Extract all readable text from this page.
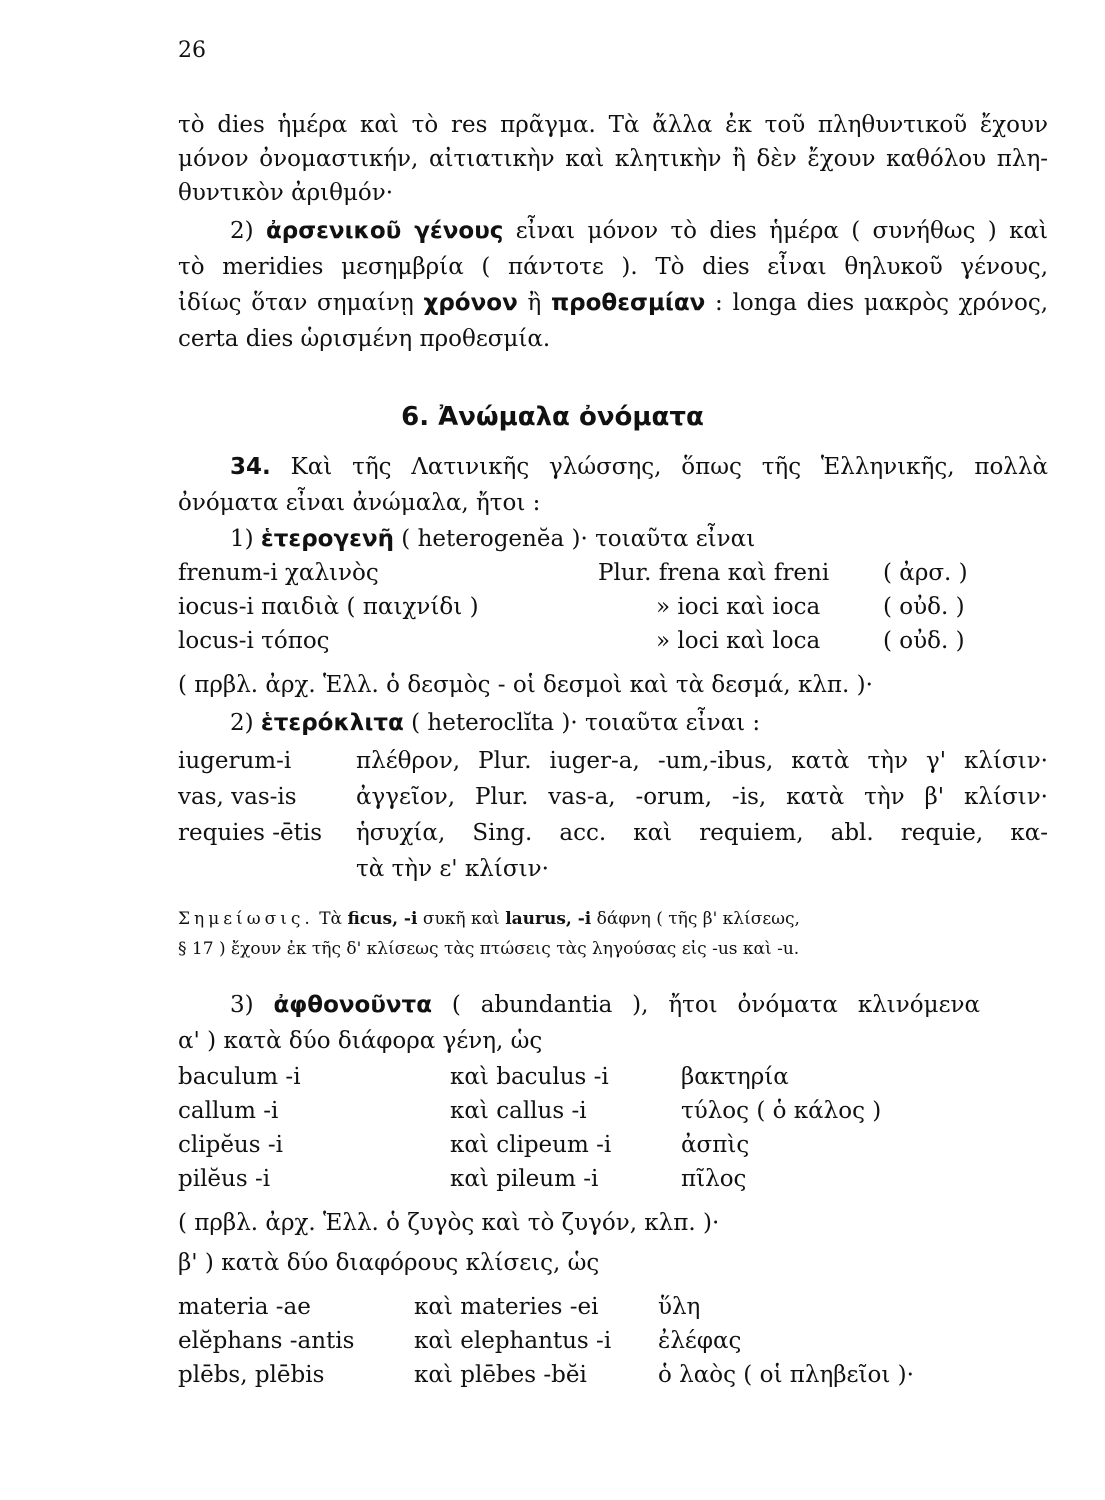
26
τὸ dies ἡμέρα καὶ τὸ res πρᾶγμα. Τὰ ἄλλα ἐκ τοῦ πληθυντικοῦ ἔχουν
μόνον ὀνομαστικήν, αἰτιατικὴν καὶ κλητικὴν ἢ δὲν ἔχουν καθόλου πλη-
θυντικὸν ἀριθμόν·
2) ἀρσενικοῦ γένους εἶναι μόνον τὸ dies ἡμέρα ( συνήθως ) καὶ
τὸ meridies μεσημβρία ( πάντοτε ). Τὸ dies εἶναι θηλυκοῦ γένους,
ἰδίως ὅταν σημαίνῃ χρόνον ἢ προθεσμίαν : longa dies μακρὸς χρόνος,
certa dies ὡρισμένη προθεσμία.
6. Ἀνώμαλα ὀνόματα
34. Καὶ τῆς Λατινικῆς γλώσσης, ὅπως τῆς Ἑλληνικῆς, πολλὰ
ὀνόματα εἶναι ἀνώμαλα, ἤτοι :
1) ἑτερογενῆ ( heterogenĕa )· τοιαῦτα εἶναι
frenum-i χαλινὸς	Plur. frena καὶ freni ( ἀρσ. )
iocus-i παιδιὰ ( παιχνίδι )	» ioci καὶ ioca	( οὐδ. )
locus-i τόπος	» loci καὶ loca	( οὐδ. )
( πρβλ. ἀρχ. Ἑλλ. ὁ δεσμὸς - οἱ δεσμοὶ καὶ τὰ δεσμά, κλπ. )·
2) ἑτερόκλιτα ( heteroclĭta )· τοιαῦτα εἶναι :
iugerum-i	πλέθρον, Plur. iuger-a, -um,-ibus, κατὰ τὴν γ' κλίσιν·
vas, vas-is	ἀγγεῖον, Plur. vas-a, -orum, -is, κατὰ τὴν β' κλίσιν·
requies -ētis ἡσυχία, Sing. acc. καὶ requiem, abl. requie, κα-
τὰ τὴν ε' κλίσιν·
Σημείωσις. Τὰ ficus, -i συκῆ καὶ laurus, -i δάφνη ( τῆς β' κλίσεως,
§ 17 ) ἔχουν ἐκ τῆς δ' κλίσεως τὰς πτώσεις τὰς ληγούσας εἰς -us καὶ -u.
3) ἀφθονοῦντα ( abundantia ), ἤτοι ὀνόματα κλινόμενα
α' ) κατὰ δύο διάφορα γένη, ὡς
baculum -i	καὶ baculus -i	βακτηρία
callum -i	καὶ callus -i	τύλος ( ὁ κάλος )
clipĕus -i	καὶ clipeum -i	ἀσπὶς
pilĕus -i	καὶ pileum -i	πῖλος
( πρβλ. ἀρχ. Ἑλλ. ὁ ζυγὸς καὶ τὸ ζυγόν, κλπ. )·
β' ) κατὰ δύο διαφόρους κλίσεις, ὡς
materia -ae	καὶ materies -ei	ὕλη
elĕphans -antis	καὶ elephantus -i ἐλέφας
plēbs, plēbis	καὶ plēbes -bĕi	ὁ λαὸς ( οἱ πληβεῖοι )·
